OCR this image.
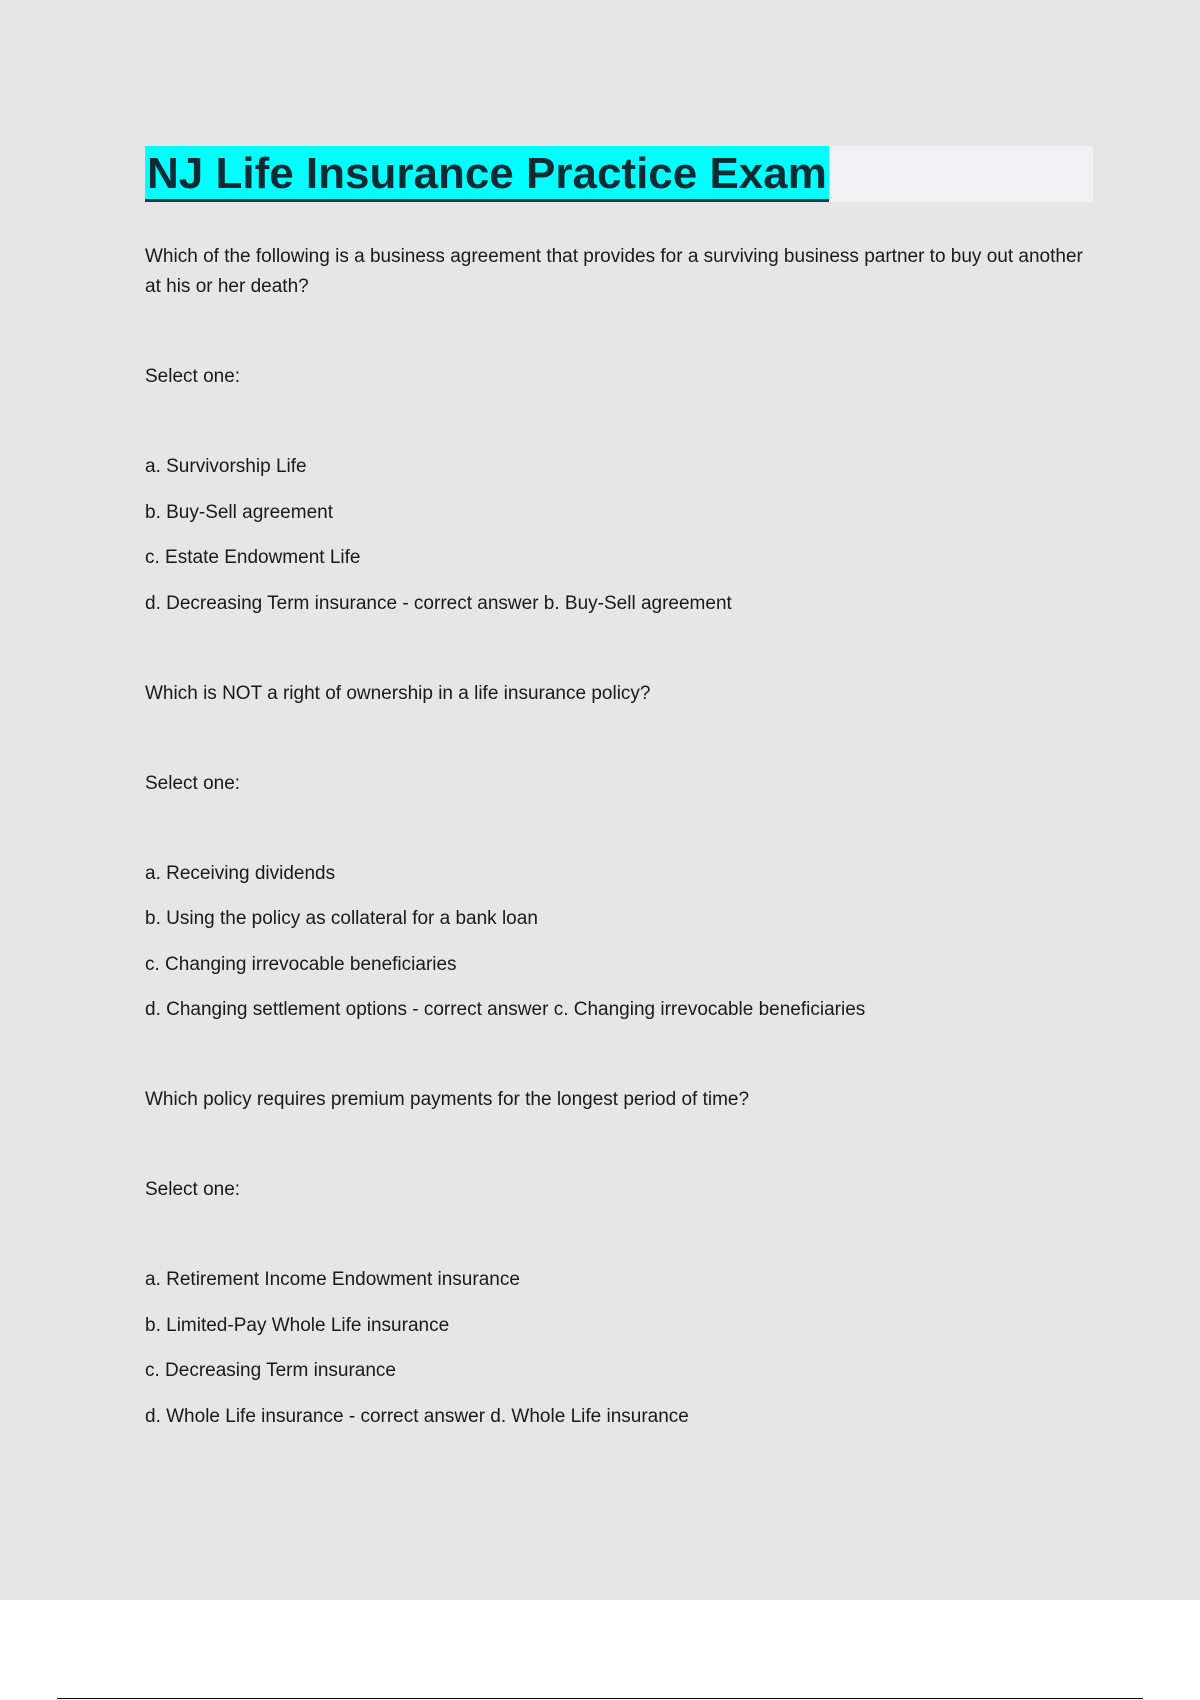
NJ Life Insurance Practice Exam

Which of the following is a business agreement that provides for a surviving business partner to buy out another at his or her death?

Select one:

a. Survivorship Life
b. Buy-Sell agreement
c. Estate Endowment Life
d. Decreasing Term insurance - correct answer b. Buy-Sell agreement

Which is NOT a right of ownership in a life insurance policy?

Select one:

a. Receiving dividends
b. Using the policy as collateral for a bank loan
c. Changing irrevocable beneficiaries
d. Changing settlement options - correct answer c. Changing irrevocable beneficiaries

Which policy requires premium payments for the longest period of time?

Select one:

a. Retirement Income Endowment insurance
b. Limited-Pay Whole Life insurance
c. Decreasing Term insurance
d. Whole Life insurance - correct answer d. Whole Life insurance
